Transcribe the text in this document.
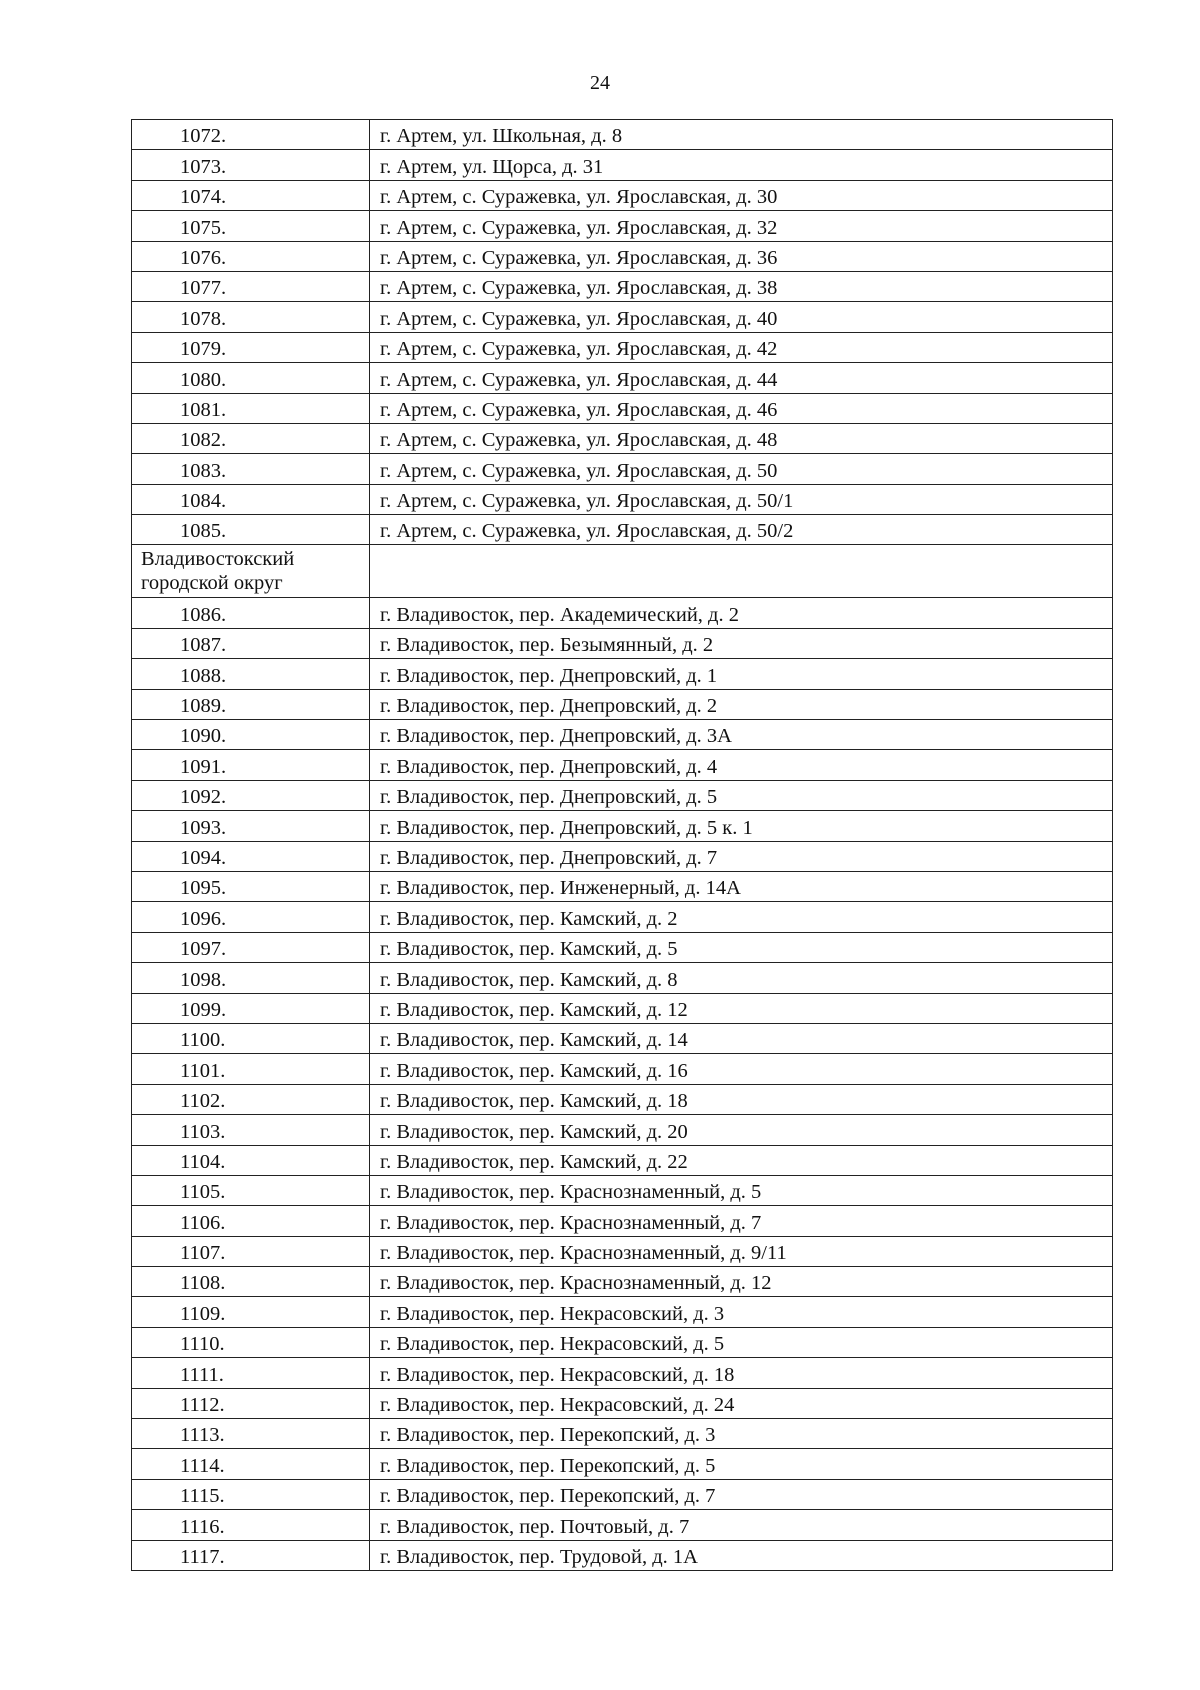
24
1072.	г. Артем, ул. Школьная, д. 8
1073.	г. Артем, ул. Щорса, д. 31
1074.	г. Артем, с. Суражевка, ул. Ярославская, д. 30
1075.	г. Артем, с. Суражевка, ул. Ярославская, д. 32
1076.	г. Артем, с. Суражевка, ул. Ярославская, д. 36
1077.	г. Артем, с. Суражевка, ул. Ярославская, д. 38
1078.	г. Артем, с. Суражевка, ул. Ярославская, д. 40
1079.	г. Артем, с. Суражевка, ул. Ярославская, д. 42
1080.	г. Артем, с. Суражевка, ул. Ярославская, д. 44
1081.	г. Артем, с. Суражевка, ул. Ярославская, д. 46
1082.	г. Артем, с. Суражевка, ул. Ярославская, д. 48
1083.	г. Артем, с. Суражевка, ул. Ярославская, д. 50
1084.	г. Артем, с. Суражевка, ул. Ярославская, д. 50/1
1085.	г. Артем, с. Суражевка, ул. Ярославская, д. 50/2
Владивостокский городской округ	
1086.	г. Владивосток, пер. Академический, д. 2
1087.	г. Владивосток, пер. Безымянный, д. 2
1088.	г. Владивосток, пер. Днепровский, д. 1
1089.	г. Владивосток, пер. Днепровский, д. 2
1090.	г. Владивосток, пер. Днепровский, д. 3А
1091.	г. Владивосток, пер. Днепровский, д. 4
1092.	г. Владивосток, пер. Днепровский, д. 5
1093.	г. Владивосток, пер. Днепровский, д. 5 к. 1
1094.	г. Владивосток, пер. Днепровский, д. 7
1095.	г. Владивосток, пер. Инженерный, д. 14А
1096.	г. Владивосток, пер. Камский, д. 2
1097.	г. Владивосток, пер. Камский, д. 5
1098.	г. Владивосток, пер. Камский, д. 8
1099.	г. Владивосток, пер. Камский, д. 12
1100.	г. Владивосток, пер. Камский, д. 14
1101.	г. Владивосток, пер. Камский, д. 16
1102.	г. Владивосток, пер. Камский, д. 18
1103.	г. Владивосток, пер. Камский, д. 20
1104.	г. Владивосток, пер. Камский, д. 22
1105.	г. Владивосток, пер. Краснознаменный, д. 5
1106.	г. Владивосток, пер. Краснознаменный, д. 7
1107.	г. Владивосток, пер. Краснознаменный, д. 9/11
1108.	г. Владивосток, пер. Краснознаменный, д. 12
1109.	г. Владивосток, пер. Некрасовский, д. 3
1110.	г. Владивосток, пер. Некрасовский, д. 5
1111.	г. Владивосток, пер. Некрасовский, д. 18
1112.	г. Владивосток, пер. Некрасовский, д. 24
1113.	г. Владивосток, пер. Перекопский, д. 3
1114.	г. Владивосток, пер. Перекопский, д. 5
1115.	г. Владивосток, пер. Перекопский, д. 7
1116.	г. Владивосток, пер. Почтовый, д. 7
1117.	г. Владивосток, пер. Трудовой, д. 1А
